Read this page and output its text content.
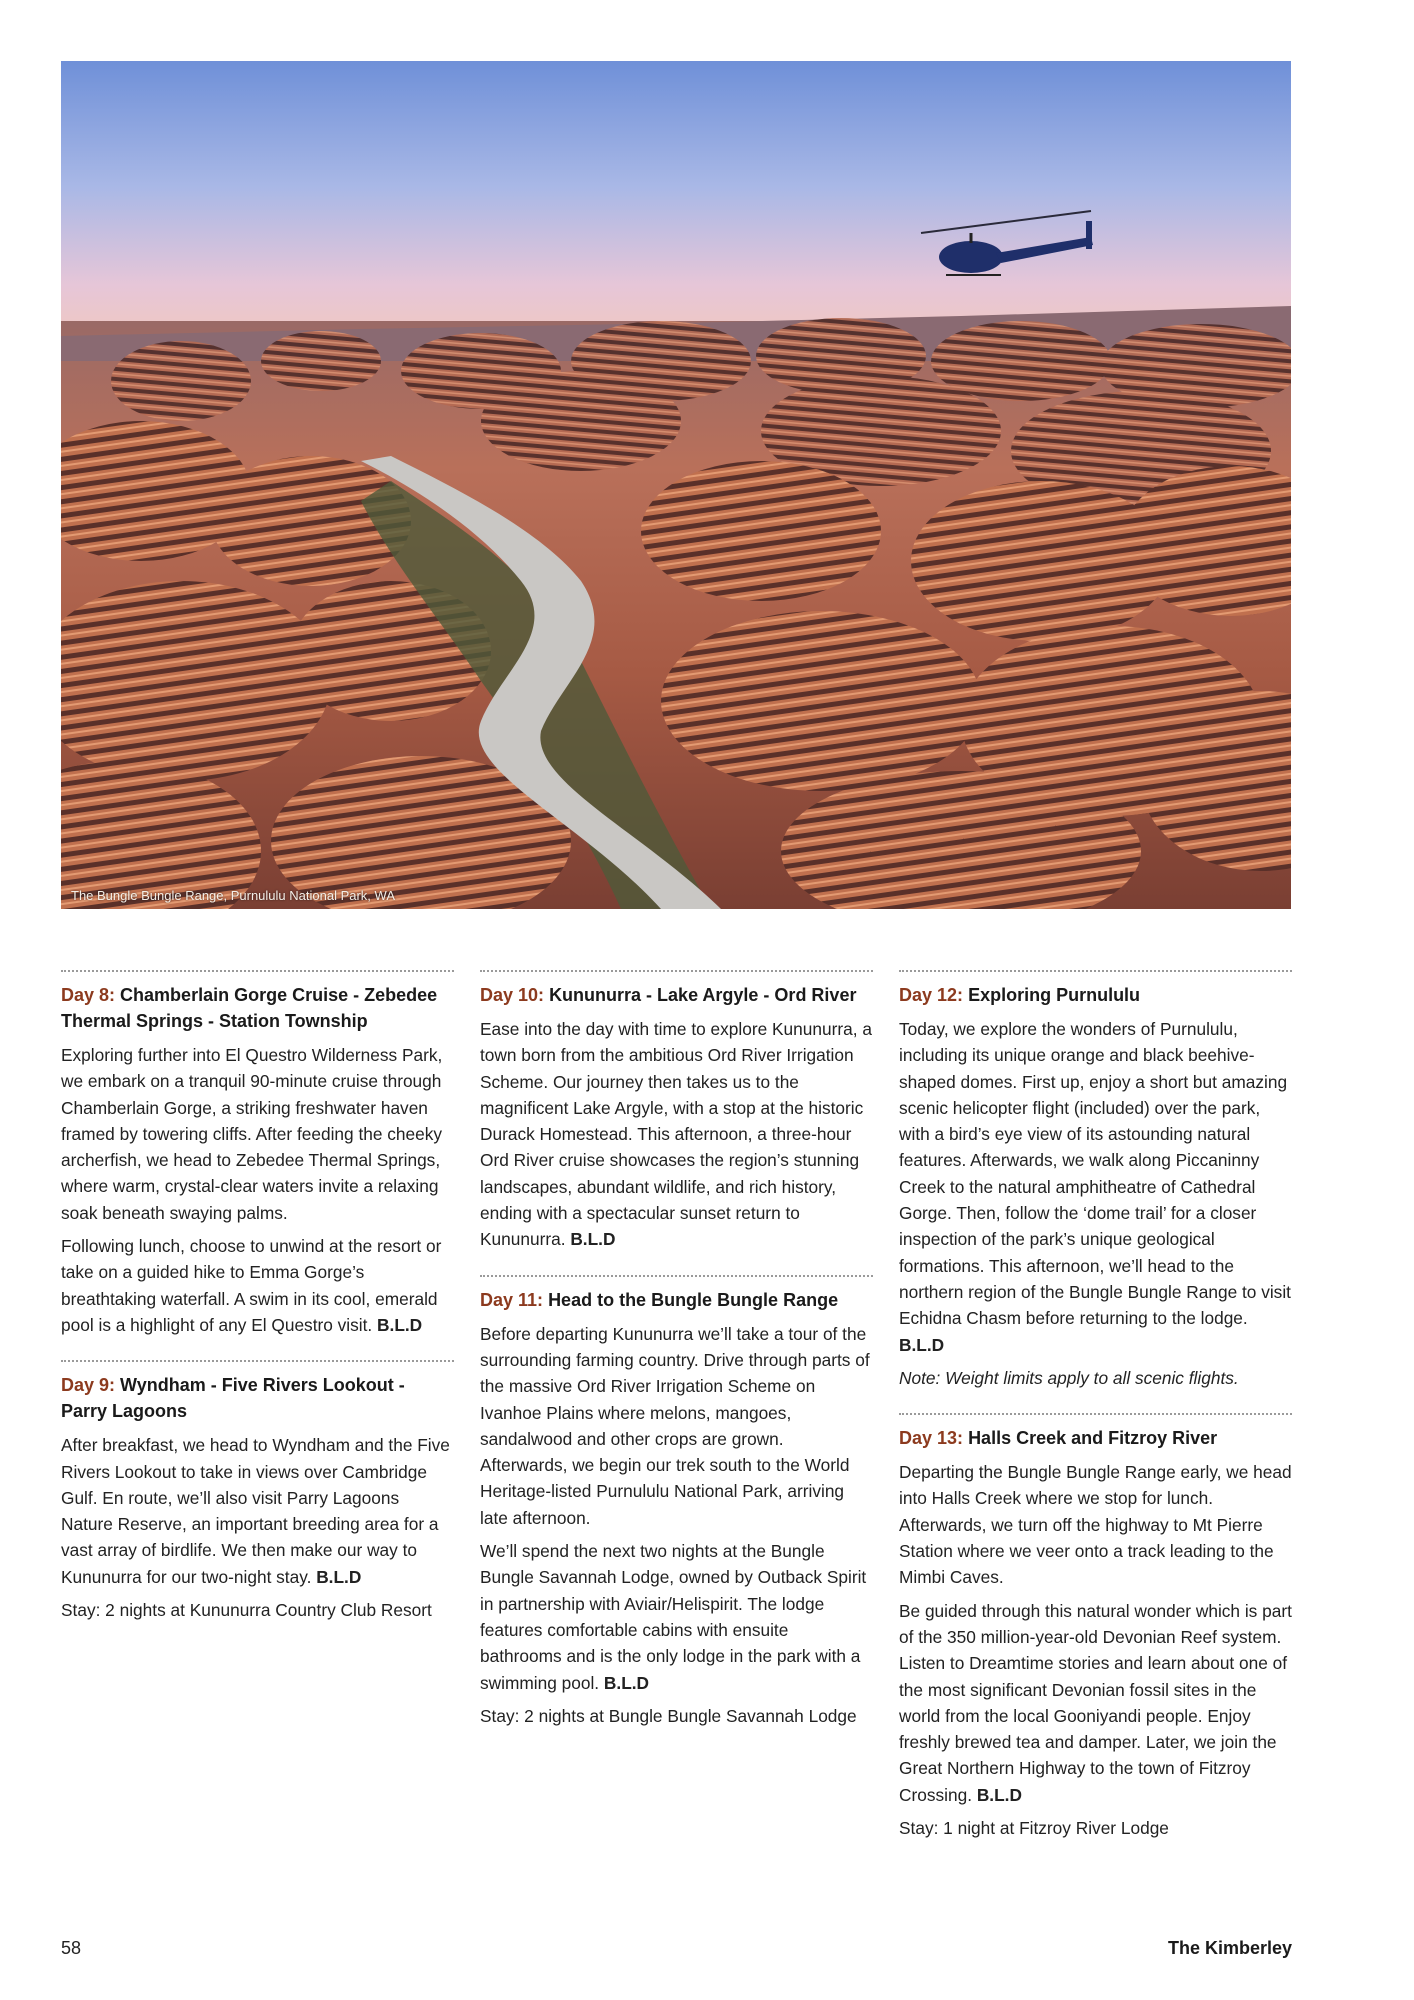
The Bungle Bungle Range, Purnululu National Park, WA
Day 8: Chamberlain Gorge Cruise - Zebedee Thermal Springs - Station Township

Exploring further into El Questro Wilderness Park, we embark on a tranquil 90-minute cruise through Chamberlain Gorge, a striking freshwater haven framed by towering cliffs. After feeding the cheeky archerfish, we head to Zebedee Thermal Springs, where warm, crystal-clear waters invite a relaxing soak beneath swaying palms.

Following lunch, choose to unwind at the resort or take on a guided hike to Emma Gorge’s breathtaking waterfall. A swim in its cool, emerald pool is a highlight of any El Questro visit. B.L.D

Day 9: Wyndham - Five Rivers Lookout - Parry Lagoons

After breakfast, we head to Wyndham and the Five Rivers Lookout to take in views over Cambridge Gulf. En route, we’ll also visit Parry Lagoons Nature Reserve, an important breeding area for a vast array of birdlife. We then make our way to Kununurra for our two-night stay. B.L.D

Stay: 2 nights at Kununurra Country Club Resort

Day 10: Kununurra - Lake Argyle - Ord River

Ease into the day with time to explore Kununurra, a town born from the ambitious Ord River Irrigation Scheme. Our journey then takes us to the magnificent Lake Argyle, with a stop at the historic Durack Homestead. This afternoon, a three-hour Ord River cruise showcases the region’s stunning landscapes, abundant wildlife, and rich history, ending with a spectacular sunset return to Kununurra. B.L.D

Day 11: Head to the Bungle Bungle Range

Before departing Kununurra we’ll take a tour of the surrounding farming country. Drive through parts of the massive Ord River Irrigation Scheme on Ivanhoe Plains where melons, mangoes, sandalwood and other crops are grown. Afterwards, we begin our trek south to the World Heritage-listed Purnululu National Park, arriving late afternoon.

We’ll spend the next two nights at the Bungle Bungle Savannah Lodge, owned by Outback Spirit in partnership with Aviair/Helispirit. The lodge features comfortable cabins with ensuite bathrooms and is the only lodge in the park with a swimming pool. B.L.D

Stay: 2 nights at Bungle Bungle Savannah Lodge

Day 12: Exploring Purnululu

Today, we explore the wonders of Purnululu, including its unique orange and black beehive-shaped domes. First up, enjoy a short but amazing scenic helicopter flight (included) over the park, with a bird’s eye view of its astounding natural features. Afterwards, we walk along Piccaninny Creek to the natural amphitheatre of Cathedral Gorge. Then, follow the ‘dome trail’ for a closer inspection of the park’s unique geological formations. This afternoon, we’ll head to the northern region of the Bungle Bungle Range to visit Echidna Chasm before returning to the lodge. B.L.D

Note: Weight limits apply to all scenic flights.

Day 13: Halls Creek and Fitzroy River

Departing the Bungle Bungle Range early, we head into Halls Creek where we stop for lunch. Afterwards, we turn off the highway to Mt Pierre Station where we veer onto a track leading to the Mimbi Caves.

Be guided through this natural wonder which is part of the 350 million-year-old Devonian Reef system. Listen to Dreamtime stories and learn about one of the most significant Devonian fossil sites in the world from the local Gooniyandi people. Enjoy freshly brewed tea and damper. Later, we join the Great Northern Highway to the town of Fitzroy Crossing. B.L.D

Stay: 1 night at Fitzroy River Lodge

58	The Kimberley
